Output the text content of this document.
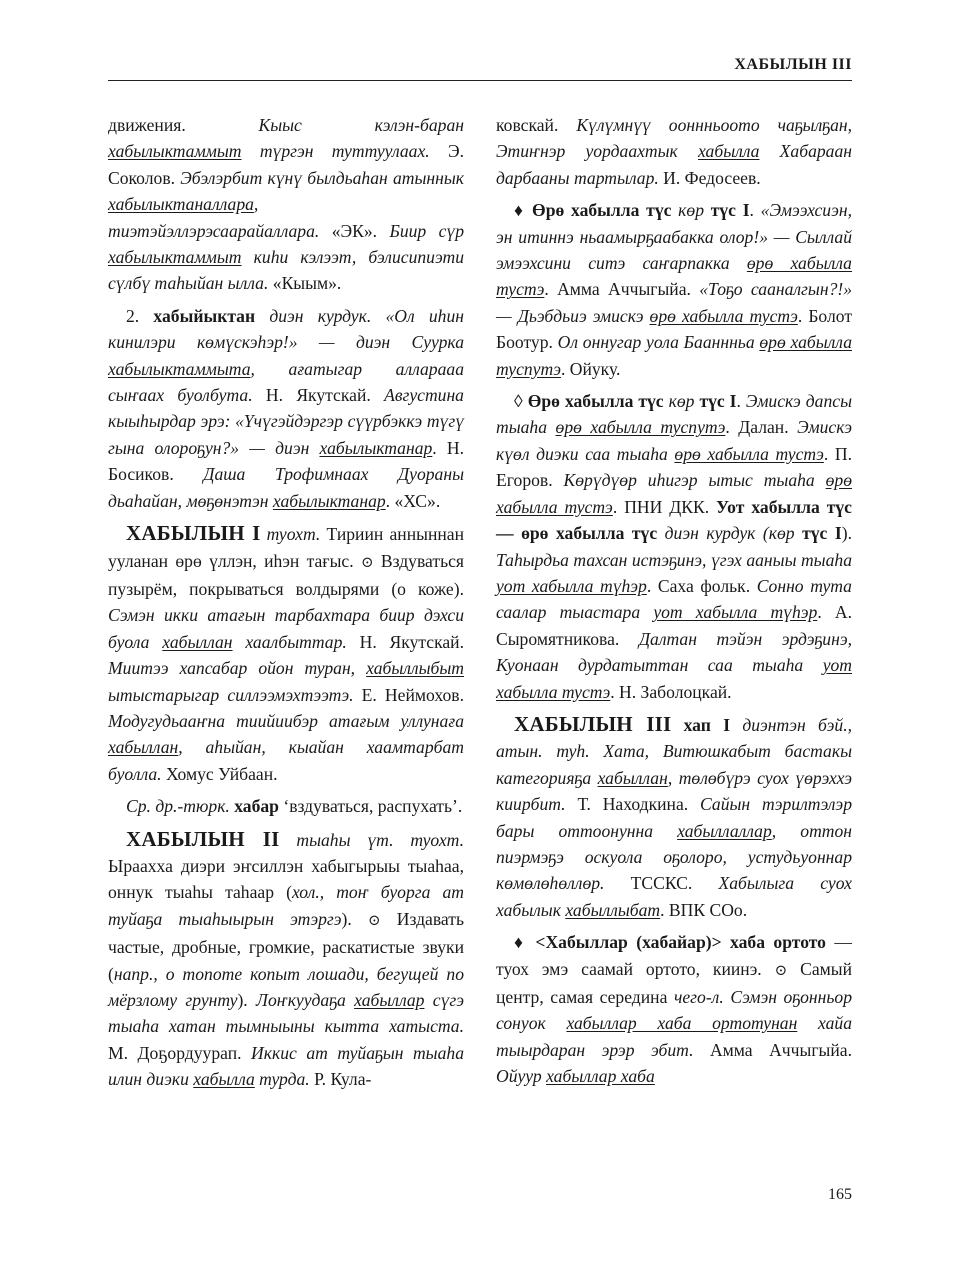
ХАБЫЛЫН III

движения. Кыыс кэлэн-баран хабылыктаммыт түргэн туттуулаах. Э. Соколов. Эбэлэрбит күнү былдьаһан атыннык хабылыктаналлара, тиэтэйэллэрэсаарайаллара. «ЭК». Биир сүр хабылыктаммыт киһи кэлээт, бэлисипиэти сүлбү таһыйан ылла. «Кыым».

2. хабыйыктан диэн курдук. «Ол иһин кинилэри көмүскэһэр!» — диэн Суурка хабылыктаммыта, ағатыгар алларааа сыҥаах буолбута. Н. Якутскай. Августина кыыһырдар эрэ: «Үчүгэйдэргэр сүүрбэккэ түгү гына олороҕун?» — диэн хабылыктанар. Н. Босиков. Даша Трофимнаах Дуораны дьаһайан, мөҕөнэтэн хабылыктанар. «ХС».

ХАБЫЛЫН I туохт. Тириин анныннан ууланан өрө үллэн, иһэн тағыс. ⊙ Вздуваться пузырём, покрываться волдырями (о коже). Сэмэн икки атағын тарбахтара биир дэхси буола хабыллан хаалбыттар. Н. Якутскай. Миитээ хапсабар ойон туран, хабыллыбыт ытыстарыгар силлээмэхтээтэ. Е. Неймохов. Модугудьааҥна тиийиибэр атағым уллунаға хабыллан, аһыйан, кыайан хаамтарбат буолла. Хомус Уйбаан.

Ср. др.-тюрк. хабар ‘вздуваться, распухать’.

ХАБЫЛЫН II тыаһы үт. туохт. Ыраахха диэри эҥсиллэн хабыгырыы тыаhаа, оннук тыаһы таһаар (хол., тоҥ буорга ат туйаҕа тыаһыырын этэргэ). ⊙ Издавать частые, дробные, громкие, раскатистые звуки (напр., о топоте копыт лошади, бегущей по мёрзлому грунту). Лоҥкуудаҕа хабыллар сүгэ тыаһа хатан тымныыны кытта хатыста. М. Доҕордуурап. Иккис ат туйаҕын тыаһа илин диэки хабылла турда. Р. Кула-

ковскай. Күлүмнүү ооннньоото чаҕылҕан, Этиҥнэр уордаахтык хабылла Хабараан дарбааны тартылар. И. Федосеев.

♦ Өрө хабылла түс көр түс I. «Эмээхсиэн, эн итиннэ ньаамырҕаабакка олор!» — Сыллай эмээхсини ситэ саҥарпакка өрө хабылла тустэ. Амма Аччыгыйа. «Тоҕо сааналгын?!» — Дьэбдьиэ эмискэ өрө хабылла тустэ. Болот Боотур. Ол оннугар уола Бааннньа өрө хабылла туспутэ. Ойуку.

◊ Өрө хабылла түс көр түс I. Эмискэ дапсы тыаһа өрө хабылла туспутэ. Далан. Эмискэ күөл диэки саа тыаһа өрө хабылла тустэ. П. Егоров. Көрүдүөр иһигэр ытыс тыаһа өрө хабылла тустэ. ПНИ ДКК. Уот хабылла түс — өрө хабылла түс диэн курдук (көр түс I). Таһырдьа тахсан истэҕинэ, үгэх ааныы тыаһа уот хабылла түһэр. Саха фольк. Сонно тута саалар тыастара уот хабылла түһэр. А. Сыромятникова. Далтан тэйэн эрдэҕинэ, Куонаан дурдатыттан саа тыаһа уот хабылла тустэ. Н. Заболоцкай.

ХАБЫЛЫН III хап I диэнтэн бэй., атын. туһ. Хата, Витюшкабыт бастакы категорияҕа хабыллан, төлөбүрэ суох үөрэххэ киирбит. Т. Находкина. Сайын тэрилтэлэр бары оттоонунна хабыллаллар, оттон пиэрмэҕэ оскуола оҕолоро, устудьуоннар көмөлөһөллөр. ТССКС. Хабылыга суох хабылык хабыллыбат. ВПК СОо.

♦ <Хабыллар (хабайар)> хаба ортото — туох эмэ саамай ортото, киинэ. ⊙ Самый центр, самая середина чего-л. Сэмэн оҕонньор сонуок хабыллар хаба ортотунан хайа тыырдаран эрэр эбит. Амма Аччыгыйа. Ойуур хабыллар хаба

165
